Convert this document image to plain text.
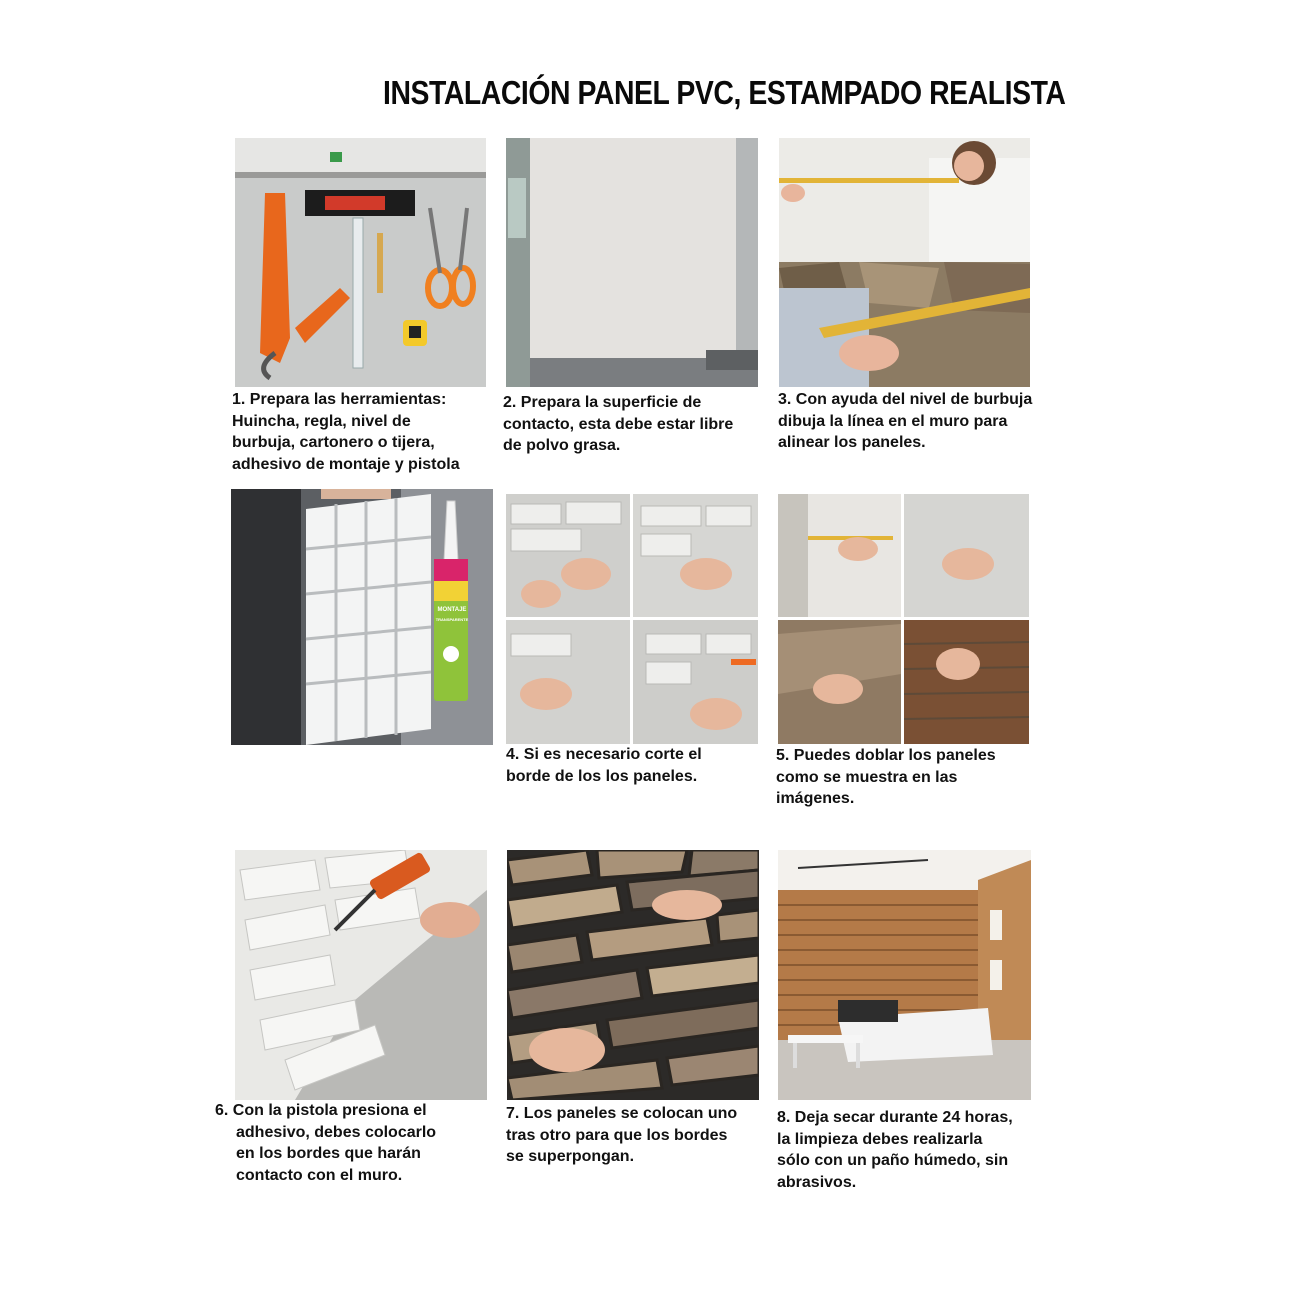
INSTALACIÓN PANEL PVC, ESTAMPADO REALISTA
MONTAJE
TRANSPARENTE
1. Prepara las herramientas:
Huincha, regla, nivel de
burbuja, cartonero o tijera,
adhesivo de montaje y pistola
2. Prepara la superficie de
contacto, esta debe estar libre
de polvo grasa.
3. Con ayuda del nivel de burbuja
dibuja la línea en el muro para
alinear los paneles.
4. Si es necesario corte el
borde de los los paneles.
5. Puedes doblar los paneles
como se muestra en las
imágenes.
6. Con la pistola presiona el
adhesivo, debes colocarlo
en los bordes que harán
contacto con el muro.
7. Los paneles se colocan uno
tras otro para que los bordes
se superpongan.
8. Deja secar durante 24 horas,
la limpieza debes realizarla
sólo con un paño húmedo, sin
abrasivos.
